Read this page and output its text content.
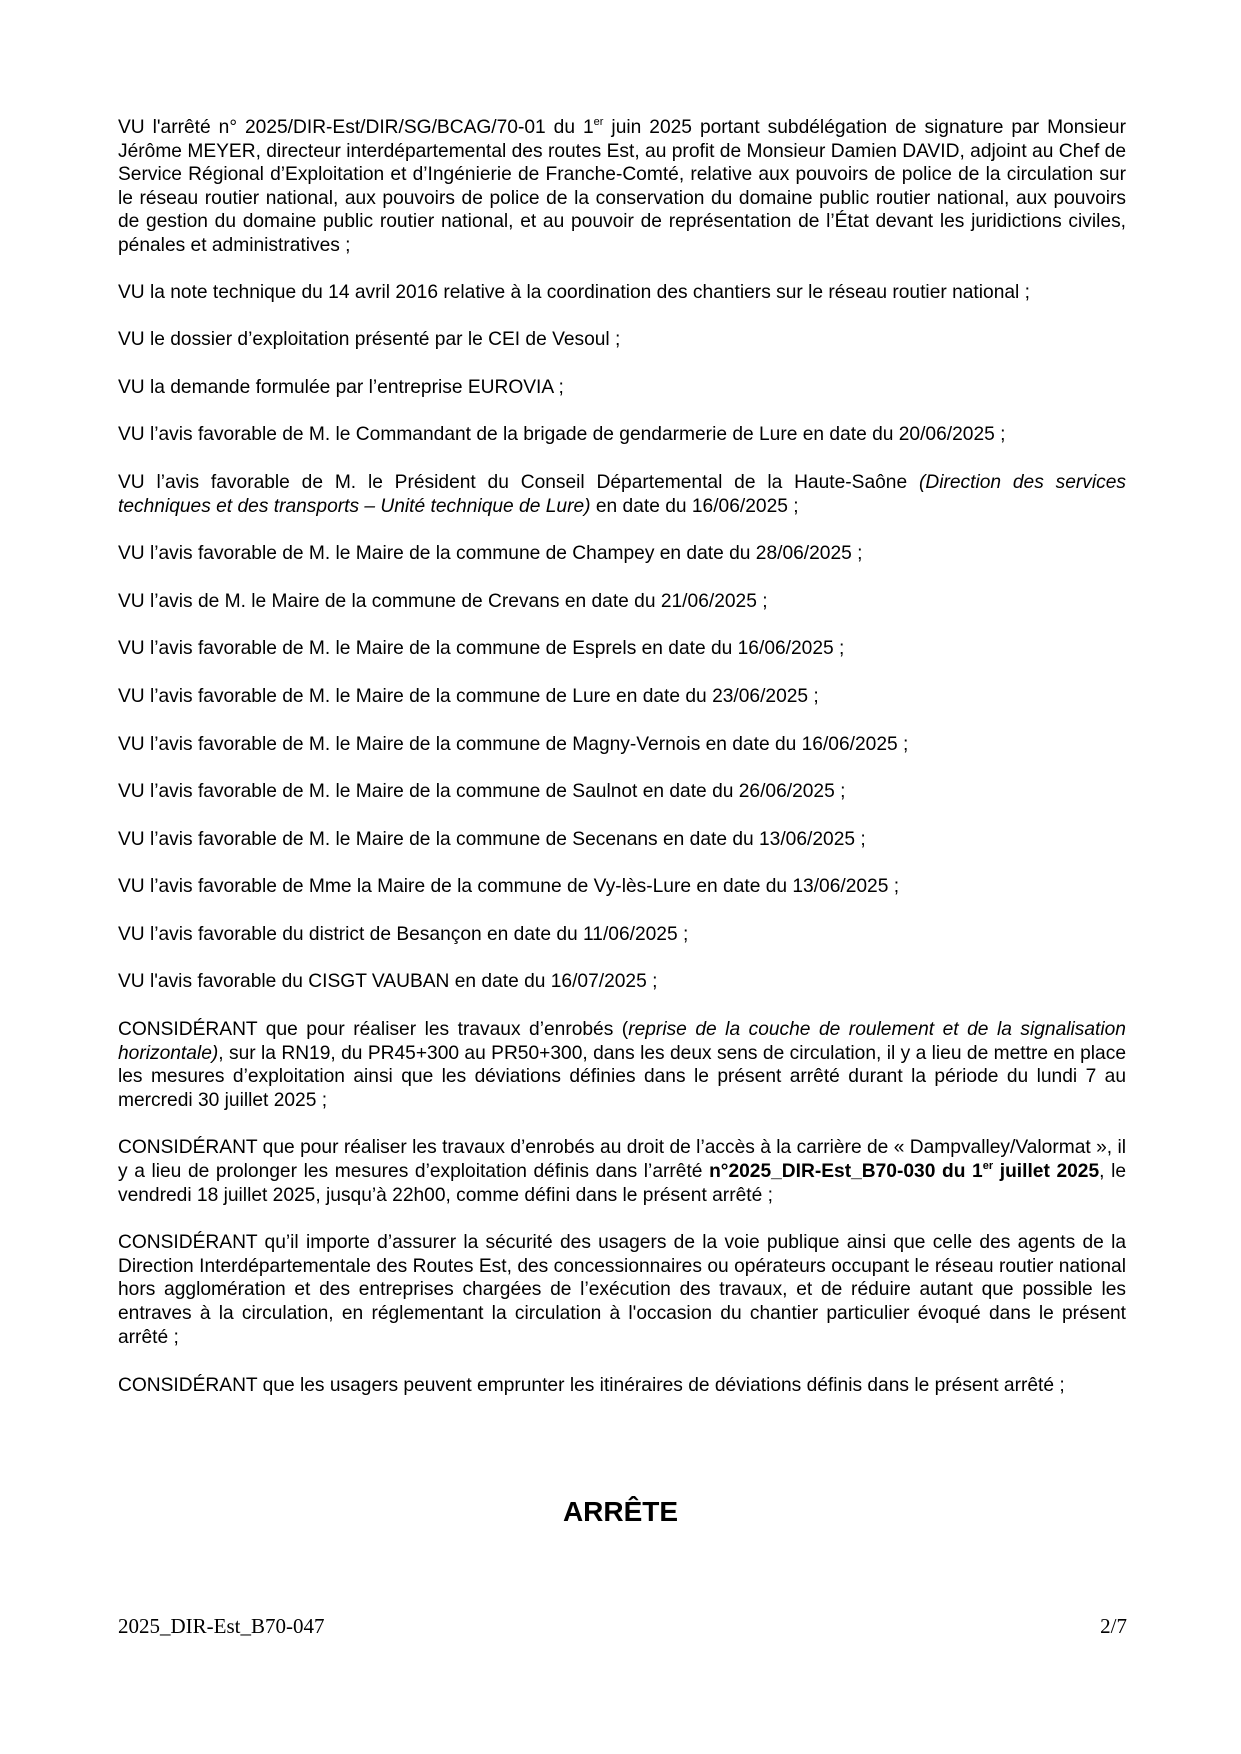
VU l'arrêté n° 2025/DIR-Est/DIR/SG/BCAG/70-01 du 1er juin 2025 portant subdélégation de signature par Monsieur Jérôme MEYER, directeur interdépartemental des routes Est, au profit de Monsieur Damien DAVID, adjoint au Chef de Service Régional d’Exploitation et d’Ingénierie de Franche-Comté, relative aux pouvoirs de police de la circulation sur le réseau routier national, aux pouvoirs de police de la conservation du domaine public routier national, aux pouvoirs de gestion du domaine public routier national, et au pouvoir de représentation de l’État devant les juridictions civiles, pénales et administratives ;

VU la note technique du 14 avril 2016 relative à la coordination des chantiers sur le réseau routier national ;

VU le dossier d’exploitation présenté par le CEI de Vesoul ;

VU la demande formulée par l’entreprise EUROVIA ;

VU l’avis favorable de M. le Commandant de la brigade de gendarmerie de Lure en date du 20/06/2025 ;

VU l’avis favorable de M. le Président du Conseil Départemental de la Haute-Saône (Direction des services techniques et des transports – Unité technique de Lure) en date du 16/06/2025 ;

VU l’avis favorable de M. le Maire de la commune de Champey en date du 28/06/2025 ;

VU l’avis de M. le Maire de la commune de Crevans en date du 21/06/2025 ;

VU l’avis favorable de M. le Maire de la commune de Esprels en date du 16/06/2025 ;

VU l’avis favorable de M. le Maire de la commune de Lure en date du 23/06/2025 ;

VU l’avis favorable de M. le Maire de la commune de Magny-Vernois en date du 16/06/2025 ;

VU l’avis favorable de M. le Maire de la commune de Saulnot en date du 26/06/2025 ;

VU l’avis favorable de M. le Maire de la commune de Secenans en date du 13/06/2025 ;

VU l’avis favorable de Mme la Maire de la commune de Vy-lès-Lure en date du 13/06/2025 ;

VU l’avis favorable du district de Besançon en date du 11/06/2025 ;

VU l'avis favorable du CISGT VAUBAN en date du 16/07/2025 ;

CONSIDÉRANT que pour réaliser les travaux d’enrobés (reprise de la couche de roulement et de la signalisation horizontale), sur la RN19, du PR45+300 au PR50+300, dans les deux sens de circulation, il y a lieu de mettre en place les mesures d’exploitation ainsi que les déviations définies dans le présent arrêté durant la période du lundi 7 au mercredi 30 juillet 2025 ;

CONSIDÉRANT que pour réaliser les travaux d’enrobés au droit de l’accès à la carrière de « Dampvalley/Valormat », il y a lieu de prolonger les mesures d’exploitation définis dans l’arrêté n°2025_DIR-Est_B70-030 du 1er juillet 2025, le vendredi 18 juillet 2025, jusqu’à 22h00, comme défini dans le présent arrêté ;

CONSIDÉRANT qu’il importe d’assurer la sécurité des usagers de la voie publique ainsi que celle des agents de la Direction Interdépartementale des Routes Est, des concessionnaires ou opérateurs occupant le réseau routier national hors agglomération et des entreprises chargées de l’exécution des travaux, et de réduire autant que possible les entraves à la circulation, en réglementant la circulation à l'occasion du chantier particulier évoqué dans le présent arrêté ;

CONSIDÉRANT que les usagers peuvent emprunter les itinéraires de déviations définis dans le présent arrêté ;

ARRÊTE
2025_DIR-Est_B70-047	2/7
